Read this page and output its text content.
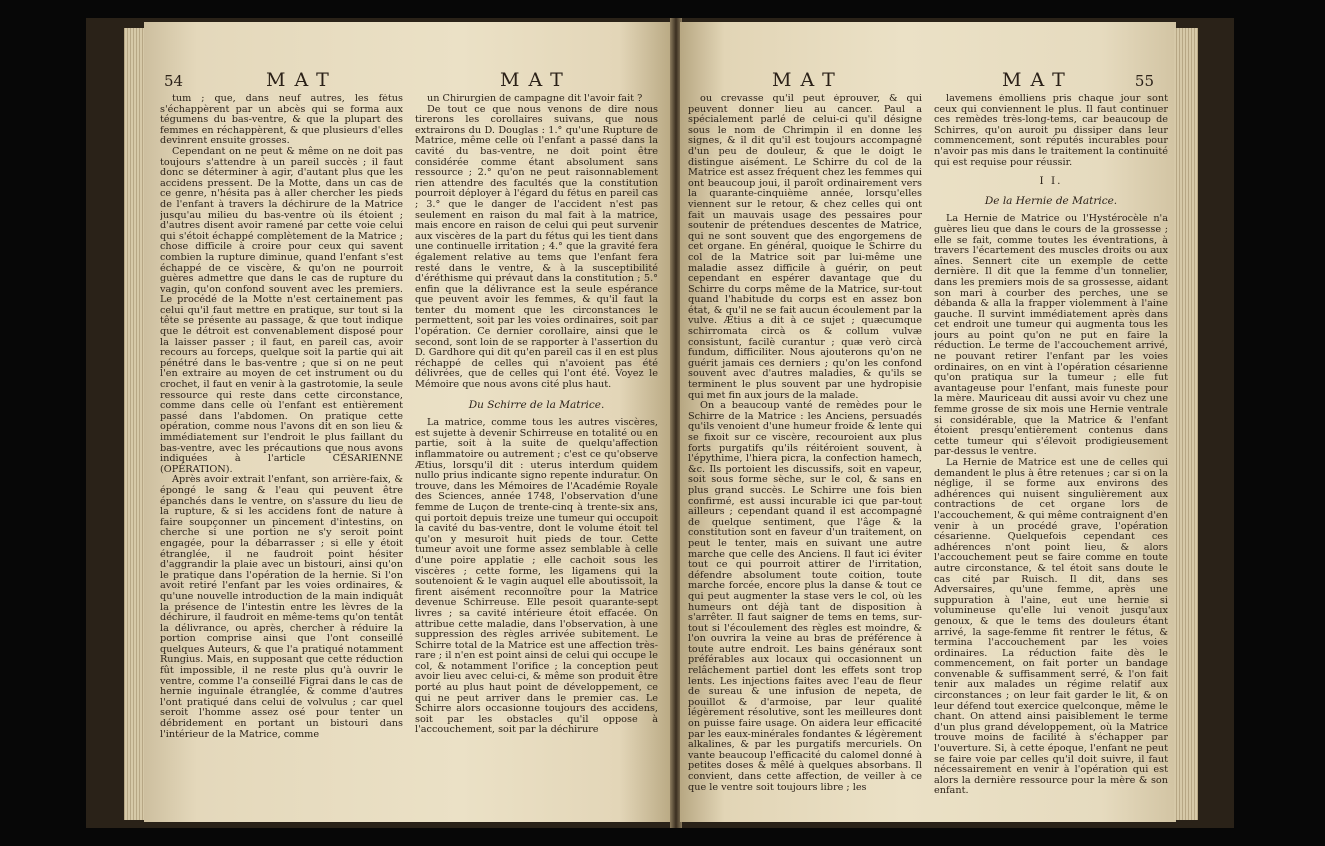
54	MAT	MAT

tum ; que, dans neuf autres, les fétus s'échappèrent par un abcès qui se forma aux tégumens du bas-ventre, & que la plupart des femmes en réchappèrent, & que plusieurs d'elles devinrent ensuite grosses.

Cependant on ne peut & même on ne doit pas toujours s'attendre à un pareil succès ; il faut donc se déterminer à agir, d'autant plus que les accidens pressent. De la Motte, dans un cas de ce genre, n'hésita pas à aller chercher les pieds de l'enfant à travers la déchirure de la Matrice jusqu'au milieu du bas-ventre où ils étoient ; d'autres disent avoir ramené par cette voie celui qui s'étoit échappé complètement de la Matrice ; chose difficile à croire pour ceux qui savent combien la rupture diminue, quand l'enfant s'est échappé de ce viscère, & qu'on ne pourroit guères admettre que dans le cas de rupture du vagin, qu'on confond souvent avec les premiers. Le procédé de la Motte n'est certainement pas celui qu'il faut mettre en pratique, sur tout si la tête se présente au passage, & que tout indique que le détroit est convenablement disposé pour la laisser passer ; il faut, en pareil cas, avoir recours au forceps, quelque soit la partie qui ait pénétré dans le bas-ventre ; que si on ne peut l'en extraire au moyen de cet instrument ou du crochet, il faut en venir à la gastrotomie, la seule ressource qui reste dans cette circonstance, comme dans celle où l'enfant est entièrement passé dans l'abdomen. On pratique cette opération, comme nous l'avons dit en son lieu & immédiatement sur l'endroit le plus faillant du bas-ventre, avec les précautions que nous avons indiquées à l'article CÉSARIENNE (OPÉRATION).

Après avoir extrait l'enfant, son arrière-faix, & épongé le sang & l'eau qui peuvent être épanchés dans le ventre, on s'assure du lieu de la rupture, & si les accidens font de nature à faire soupçonner un pincement d'intestins, on cherche si une portion ne s'y seroit point engagée, pour la débarrasser ; si elle y étoit étranglée, il ne faudroit point hésiter d'aggrandir la plaie avec un bistouri, ainsi qu'on le pratique dans l'opération de la hernie. Si l'on avoit retiré l'enfant par les voies ordinaires, & qu'une nouvelle introduction de la main indiquât la présence de l'intestin entre les lèvres de la déchirure, il faudroit en même-tems qu'on tentât la délivrance, ou après, chercher à réduire la portion comprise ainsi que l'ont conseillé quelques Auteurs, & que l'a pratiqué notamment Rungius. Mais, en supposant que cette réduction fût impossible, il ne reste plus qu'à ouvrir le ventre, comme l'a conseillé Figrai dans le cas de hernie inguinale étranglée, & comme d'autres l'ont pratiqué dans celui de volvulus ; car quel seroit l'homme assez osé pour tenter un débridement en portant un bistouri dans l'intérieur de la Matrice, comme

un Chirurgien de campagne dit l'avoir fait ?

De tout ce que nous venons de dire nous tirerons les corollaires suivans, que nous extrairons du D. Douglas : 1.° qu'une Rupture de Matrice, même celle où l'enfant a passé dans la cavité du bas-ventre, ne doit point être considérée comme étant absolument sans ressource ; 2.° qu'on ne peut raisonnablement rien attendre des facultés que la constitution pourroit déployer à l'égard du fétus en pareil cas ; 3.° que le danger de l'accident n'est pas seulement en raison du mal fait à la matrice, mais encore en raison de celui qui peut survenir aux viscères de la part du fétus qui les tient dans une continuelle irritation ; 4.° que la gravité fera également relative au tems que l'enfant fera resté dans le ventre, & à la susceptibilité d'éréthisme qui prévaut dans la constitution ; 5.° enfin que la délivrance est la seule espérance que peuvent avoir les femmes, & qu'il faut la tenter du moment que les circonstances le permettent, soit par les voies ordinaires, soit par l'opération. Ce dernier corollaire, ainsi que le second, sont loin de se rapporter à l'assertion du D. Gardhore qui dit qu'en pareil cas il en est plus réchappé de celles qui n'avoient pas été délivrées, que de celles qui l'ont été. Voyez le Mémoire que nous avons cité plus haut.

Du Schirre de la Matrice.

La matrice, comme tous les autres viscères, est sujette à devenir Schirreuse en totalité ou en partie, soit à la suite de quelqu'affection inflammatoire ou autrement ; c'est ce qu'observe Ætius, lorsqu'il dit : uterus interdum quidem nullo prius indicante signo repente induratur. On trouve, dans les Mémoires de l'Académie Royale des Sciences, année 1748, l'observation d'une femme de Luçon de trente-cinq à trente-six ans, qui portoit depuis treize une tumeur qui occupoit la cavité du bas-ventre, dont le volume étoit tel qu'on y mesuroit huit pieds de tour. Cette tumeur avoit une forme assez semblable à celle d'une poire applatie ; elle cachoit sous les viscères ; cette forme, les ligamens qui la soutenoient & le vagin auquel elle aboutissoit, la firent aisément reconnoître pour la Matrice devenue Schirreuse. Elle pesoit quarante-sept livres ; sa cavité intérieure étoit effacée. On attribue cette maladie, dans l'observation, à une suppression des règles arrivée subitement. Le Schirre total de la Matrice est une affection très-rare ; il n'en est point ainsi de celui qui occupe le col, & notamment l'orifice ; la conception peut avoir lieu avec celui-ci, & même son produit être porté au plus haut point de développement, ce qui ne peut arriver dans le premier cas. Le Schirre alors occasionne toujours des accidens, soit par les obstacles qu'il oppose à l'accouchement, soit par la déchirure

MAT	MAT	55

ou crevasse qu'il peut éprouver, & qui peuvent donner lieu au cancer. Paul a spécialement parlé de celui-ci qu'il désigne sous le nom de Chrimpin il en donne les signes, & il dit qu'il est toujours accompagné d'un peu de douleur, & que le doigt le distingue aisément. Le Schirre du col de la Matrice est assez fréquent chez les femmes qui ont beaucoup joui, il paroît ordinairement vers la quarante-cinquième année, lorsqu'elles viennent sur le retour, & chez celles qui ont fait un mauvais usage des pessaires pour soutenir de prétendues descentes de Matrice, qui ne sont souvent que des engorgemens de cet organe. En général, quoique le Schirre du col de la Matrice soit par lui-même une maladie assez difficile à guérir, on peut cependant en espérer davantage que du Schirre du corps même de la Matrice, sur-tout quand l'habitude du corps est en assez bon état, & qu'il ne se fait aucun écoulement par la vulve. Ætius a dit à ce sujet ; quæcumque schirromata circà os & collum vulvæ consistunt, facilè curantur ; quæ verò circà fundum, difficiliter. Nous ajouterons qu'on ne guérit jamais ces derniers ; qu'on les confond souvent avec d'autres maladies, & qu'ils se terminent le plus souvent par une hydropisie qui met fin aux jours de la malade.

On a beaucoup vanté de remèdes pour le Schirre de la Matrice : les Anciens, persuadés qu'ils venoient d'une humeur froide & lente qui se fixoit sur ce viscère, recouroient aux plus forts purgatifs qu'ils réitéroient souvent, à l'épythime, l'hiera picra, la confection hamech, &c. Ils portoient les discussifs, soit en vapeur, soit sous forme sèche, sur le col, & sans en plus grand succès. Le Schirre une fois bien confirmé, est aussi incurable ici que par-tout ailleurs ; cependant quand il est accompagné de quelque sentiment, que l'âge & la constitution sont en faveur d'un traitement, on peut le tenter, mais en suivant une autre marche que celle des Anciens. Il faut ici éviter tout ce qui pourroit attirer de l'irritation, défendre absolument toute coition, toute marche forcée, encore plus la danse & tout ce qui peut augmenter la stase vers le col, où les humeurs ont déjà tant de disposition à s'arrêter. Il faut saigner de tems en tems, sur-tout si l'écoulement des règles est moindre, & l'on ouvrira la veine au bras de préférence à toute autre endroit. Les bains généraux sont préférables aux locaux qui occasionnent un relâchement partiel dont les effets sont trop lents. Les injections faites avec l'eau de fleur de sureau & une infusion de nepeta, de pouillot & d'armoise, par leur qualité légèrement résolutive, sont les meilleures dont on puisse faire usage. On aidera leur efficacité par les eaux-minérales fondantes & légèrement alkalines, & par les purgatifs mercuriels. On vante beaucoup l'efficacité du calomel donné à petites doses & mêlé à quelques absorbans. Il convient, dans cette affection, de veiller à ce que le ventre soit toujours libre ; les

lavemens émolliens pris chaque jour sont ceux qui conviennent le plus. Il faut continuer ces remèdes très-long-tems, car beaucoup de Schirres, qu'on auroit pu dissiper dans leur commencement, sont réputés incurables pour n'avoir pas mis dans le traitement la continuité qui est requise pour réussir.

I I.
De la Hernie de Matrice.

La Hernie de Matrice ou l'Hystérocèle n'a guères lieu que dans le cours de la grossesse ; elle se fait, comme toutes les éventrations, à travers l'écartement des muscles droits ou aux aînes. Sennert cite un exemple de cette dernière. Il dit que la femme d'un tonnelier, dans les premiers mois de sa grossesse, aidant son mari à courber des perches, une se débanda & alla la frapper violemment à l'aine gauche. Il survint immédiatement après dans cet endroit une tumeur qui augmenta tous les jours au point qu'on ne put en faire la réduction. Le terme de l'accouchement arrivé, ne pouvant retirer l'enfant par les voies ordinaires, on en vint à l'opération césarienne qu'on pratiqua sur la tumeur ; elle fut avantageuse pour l'enfant, mais funeste pour la mère. Mauriceau dit aussi avoir vu chez une femme grosse de six mois une Hernie ventrale si considérable, que la Matrice & l'enfant étoient presqu'entièrement contenus dans cette tumeur qui s'élevoit prodigieusement par-dessus le ventre.

La Hernie de Matrice est une de celles qui demandent le plus à être retenues ; car si on la néglige, il se forme aux environs des adhérences qui nuisent singulièrement aux contractions de cet organe lors de l'accouchement, & qui même contraignent d'en venir à un procédé grave, l'opération césarienne. Quelquefois cependant ces adhérences n'ont point lieu, & alors l'accouchement peut se faire comme en toute autre circonstance, & tel étoit sans doute le cas cité par Ruisch. Il dit, dans ses Adversaires, qu'une femme, après une suppuration à l'aine, eut une hernie si volumineuse qu'elle lui venoit jusqu'aux genoux, & que le tems des douleurs étant arrivé, la sage-femme fit rentrer le fétus, & termina l'accouchement par les voies ordinaires. La réduction faite dès le commencement, on fait porter un bandage convenable & suffisamment serré, & l'on fait tenir aux malades un régime relatif aux circonstances ; on leur fait garder le lit, & on leur défend tout exercice quelconque, même le chant. On attend ainsi paisiblement le terme d'un plus grand développement, où la Matrice trouve moins de facilité à s'échapper par l'ouverture. Si, à cette époque, l'enfant ne peut se faire voie par celles qu'il doit suivre, il faut nécessairement en venir à l'opération qui est alors la dernière ressource pour la mère & son enfant.
